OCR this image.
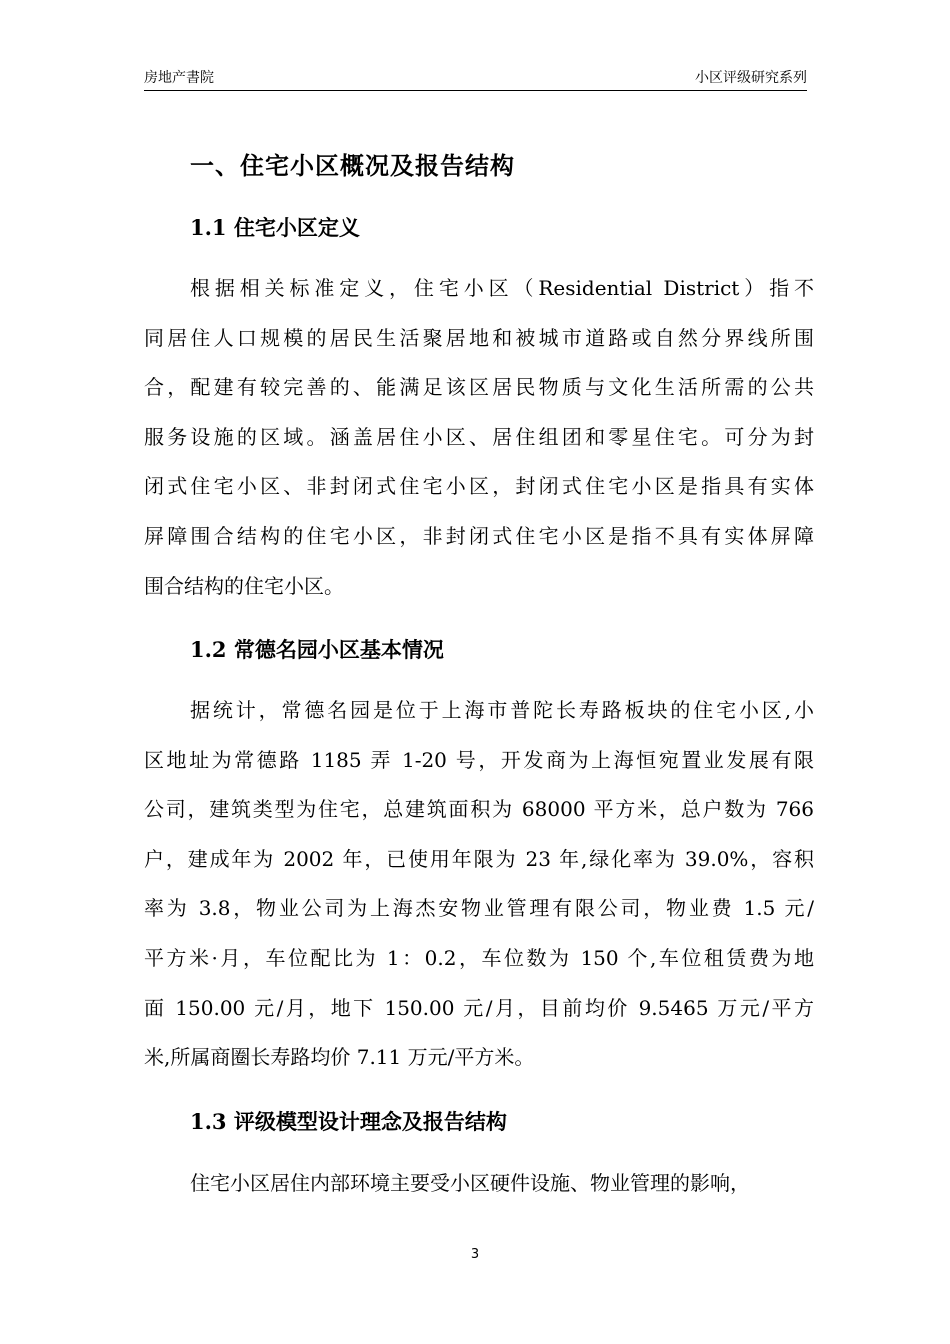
房地产書院	小区评级研究系列
一、住宅小区概况及报告结构
1.1 住宅小区定义
根据相关标准定义，住宅小区（Residential District）指不
同居住人口规模的居民生活聚居地和被城市道路或自然分界线所围
合，配建有较完善的、能满足该区居民物质与文化生活所需的公共
服务设施的区域。涵盖居住小区、居住组团和零星住宅。可分为封
闭式住宅小区、非封闭式住宅小区，封闭式住宅小区是指具有实体
屏障围合结构的住宅小区，非封闭式住宅小区是指不具有实体屏障
围合结构的住宅小区。
1.2 常德名园小区基本情况
据统计，常德名园是位于上海市普陀长寿路板块的住宅小区,小
区地址为常德路 1185 弄 1-20 号，开发商为上海恒宛置业发展有限
公司，建筑类型为住宅，总建筑面积为 68000 平方米，总户数为 766
户，建成年为 2002 年，已使用年限为 23 年,绿化率为 39.0%，容积
率为 3.8，物业公司为上海杰安物业管理有限公司，物业费 1.5 元/
平方米·月，车位配比为 1：0.2，车位数为 150 个,车位租赁费为地
面 150.00 元/月，地下 150.00 元/月，目前均价 9.5465 万元/平方
米,所属商圈长寿路均价 7.11 万元/平方米。
1.3 评级模型设计理念及报告结构
住宅小区居住内部环境主要受小区硬件设施、物业管理的影响，
3
